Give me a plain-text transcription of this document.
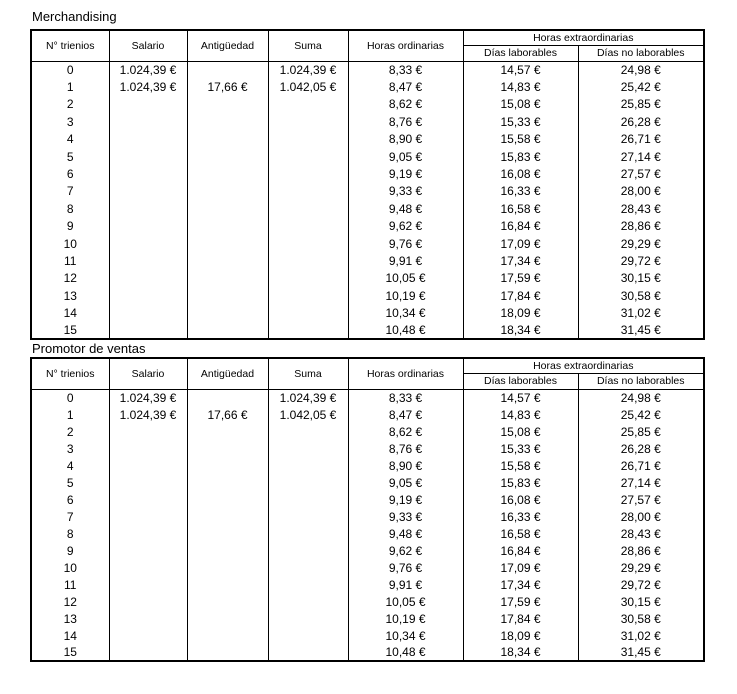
Merchandising
N° trienios	Salario	Antigüedad	Suma	Horas ordinarias	Horas extraordinarias	
					Días laborables	Días no laborables
0	1.024,39 €		1.024,39 €	8,33 €	14,57 €	24,98 €
1	1.024,39 €	17,66 €	1.042,05 €	8,47 €	14,83 €	25,42 €
2				8,62 €	15,08 €	25,85 €
3				8,76 €	15,33 €	26,28 €
4				8,90 €	15,58 €	26,71 €
5				9,05 €	15,83 €	27,14 €
6				9,19 €	16,08 €	27,57 €
7				9,33 €	16,33 €	28,00 €
8				9,48 €	16,58 €	28,43 €
9				9,62 €	16,84 €	28,86 €
10				9,76 €	17,09 €	29,29 €
11				9,91 €	17,34 €	29,72 €
12				10,05 €	17,59 €	30,15 €
13				10,19 €	17,84 €	30,58 €
14				10,34 €	18,09 €	31,02 €
15				10,48 €	18,34 €	31,45 €
Promotor de ventas
N° trienios	Salario	Antigüedad	Suma	Horas ordinarias	Horas extraordinarias	
					Días laborables	Días no laborables
0	1.024,39 €		1.024,39 €	8,33 €	14,57 €	24,98 €
1	1.024,39 €	17,66 €	1.042,05 €	8,47 €	14,83 €	25,42 €
2				8,62 €	15,08 €	25,85 €
3				8,76 €	15,33 €	26,28 €
4				8,90 €	15,58 €	26,71 €
5				9,05 €	15,83 €	27,14 €
6				9,19 €	16,08 €	27,57 €
7				9,33 €	16,33 €	28,00 €
8				9,48 €	16,58 €	28,43 €
9				9,62 €	16,84 €	28,86 €
10				9,76 €	17,09 €	29,29 €
11				9,91 €	17,34 €	29,72 €
12				10,05 €	17,59 €	30,15 €
13				10,19 €	17,84 €	30,58 €
14				10,34 €	18,09 €	31,02 €
15				10,48 €	18,34 €	31,45 €
